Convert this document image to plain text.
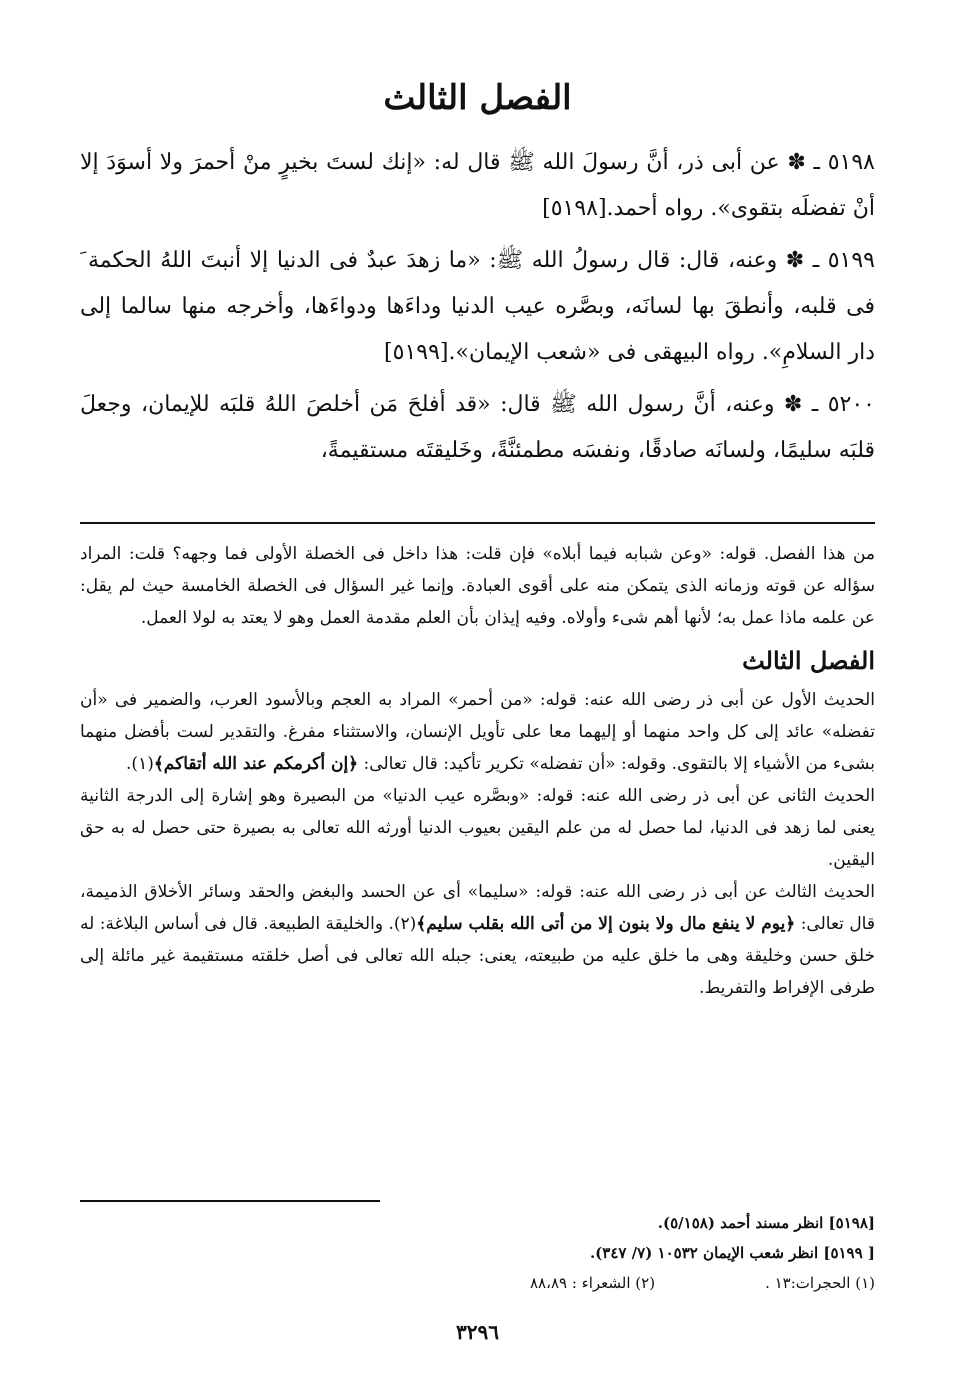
الفصل الثالث

٥١٩٨ ـ ✽ عن أبى ذر، أنَّ رسولَ الله ﷺ قال له: «إنك لستَ بخيرٍ منْ أحمرَ ولا أسوَدَ إلا أنْ تفضلَه بتقوى». رواه أحمد.[٥١٩٨]

٥١٩٩ ـ ✽ وعنه، قال: قال رسولُ الله ﷺ: «ما زهدَ عبدٌ فى الدنيا إلا أنبتَ اللهُ الحكمة َ فى قلبه، وأنطقَ بها لسانَه، وبصَّره عيب الدنيا وداءَها ودواءَها، وأخرجه منها سالما إلى دار السلامِ». رواه البيهقى فى «شعب الإيمان».[٥١٩٩]

٥٢٠٠ ـ ✽ وعنه، أنَّ رسول الله ﷺ قال: «قد أفلحَ مَن أخلصَ اللهُ قلبَه للإيمان، وجعلَ قلبَه سليمًا، ولسانَه صادقًا، ونفسَه مطمئنَّةً، وخَليقتَه مستقيمةً،

من هذا الفصل. قوله: «وعن شبابه فيما أبلاه» فإن قلت: هذا داخل فى الخصلة الأولى فما وجهه؟ قلت: المراد سؤاله عن قوته وزمانه الذى يتمكن منه على أقوى العبادة. وإنما غير السؤال فى الخصلة الخامسة حيث لم يقل: عن علمه ماذا عمل به؛ لأنها أهم شىء وأولاه. وفيه إيذان بأن العلم مقدمة العمل وهو لا يعتد به لولا العمل.

الفصل الثالث

الحديث الأول عن أبى ذر رضى الله عنه: قوله: «من أحمر» المراد به العجم وبالأسود العرب، والضمير فى «أن تفضله» عائد إلى كل واحد منهما أو إليهما معا على تأويل الإنسان، والاستثناء مفرغ. والتقدير لست بأفضل منهما بشىء من الأشياء إلا بالتقوى. وقوله: «أن تفضله» تكرير تأكيد: قال تعالى: ﴿إن أكرمكم عند الله أتقاكم﴾(١).

الحديث الثانى عن أبى ذر رضى الله عنه: قوله: «وبصَّره عيب الدنيا» من البصيرة وهو إشارة إلى الدرجة الثانية يعنى لما زهد فى الدنيا، لما حصل له من علم اليقين بعيوب الدنيا أورثه الله تعالى به بصيرة حتى حصل له به حق اليقين.

الحديث الثالث عن أبى ذر رضى الله عنه: قوله: «سليما» أى عن الحسد والبغض والحقد وسائر الأخلاق الذميمة، قال تعالى: ﴿يوم لا ينفع مال ولا بنون إلا من أتى الله بقلب سليم﴾(٢). والخليقة الطبيعة. قال فى أساس البلاغة: له خلق حسن وخليقة وهى ما خلق عليه من طبيعته، يعنى: جبله الله تعالى فى أصل خلقته مستقيمة غير مائلة إلى طرفى الإفراط والتفريط.

[٥١٩٨] انظر مسند أحمد (٥/١٥٨).

[ ٥١٩٩] انظر شعب الإيمان ١٠٥٣٢ (٧/ ٣٤٧).

(١) الحجرات:١٣ .
(٢) الشعراء : ٨٨،٨٩
٣٢٩٦
